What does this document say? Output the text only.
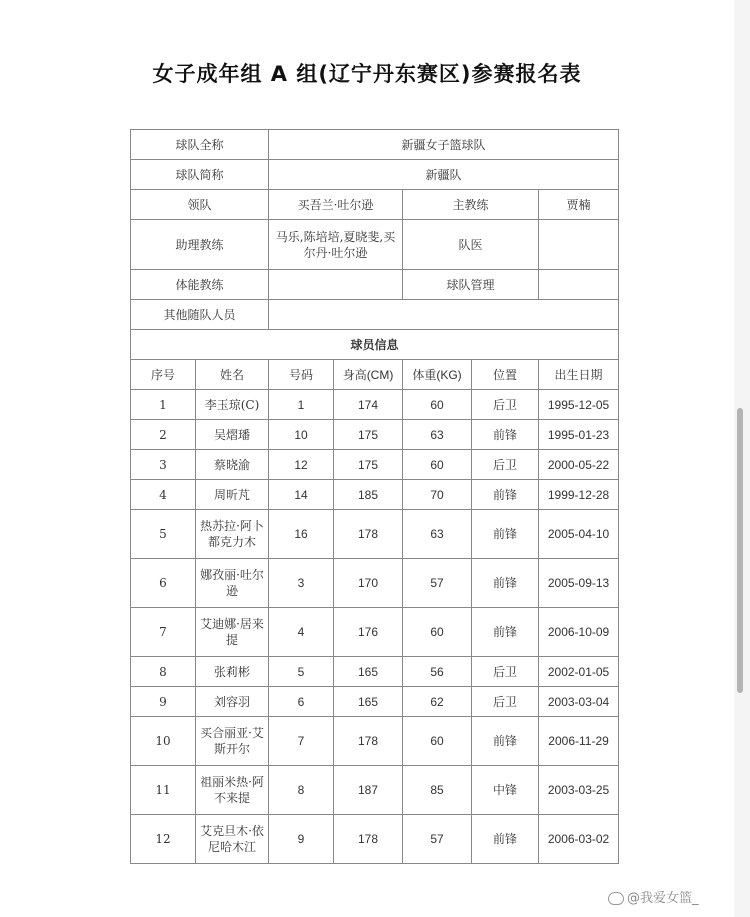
女子成年组 A 组(辽宁丹东赛区)参赛报名表
球队全称		新疆女子篮球队				
球队简称		新疆队				
领队		买吾兰·吐尔逊		主教练		贾楠
助理教练		马乐,陈培培,夏晓斐,买尔丹·吐尔逊		队医		
体能教练				球队管理		
其他随队人员						
球员信息						
序号	姓名	号码	身高(CM)	体重(KG)	位置	出生日期
1	李玉琼(C)	1	174	60	后卫	1995-12-05
2	吴熠璠	10	175	63	前锋	1995-01-23
3	蔡晓渝	12	175	60	后卫	2000-05-22
4	周昕芃	14	185	70	前锋	1999-12-28
5	热苏拉·阿卜都克力木	16	178	63	前锋	2005-04-10
6	娜孜丽·吐尔逊	3	170	57	前锋	2005-09-13
7	艾迪娜·居来提	4	176	60	前锋	2006-10-09
8	张莉彬	5	165	56	后卫	2002-01-05
9	刘容羽	6	165	62	后卫	2003-03-04
10	买合丽亚·艾斯开尔	7	178	60	前锋	2006-11-29
11	祖丽米热·阿不来提	8	187	85	中锋	2003-03-25
12	艾克旦木·依尼哈木江	9	178	57	前锋	2006-03-02
@我爱女篮_
